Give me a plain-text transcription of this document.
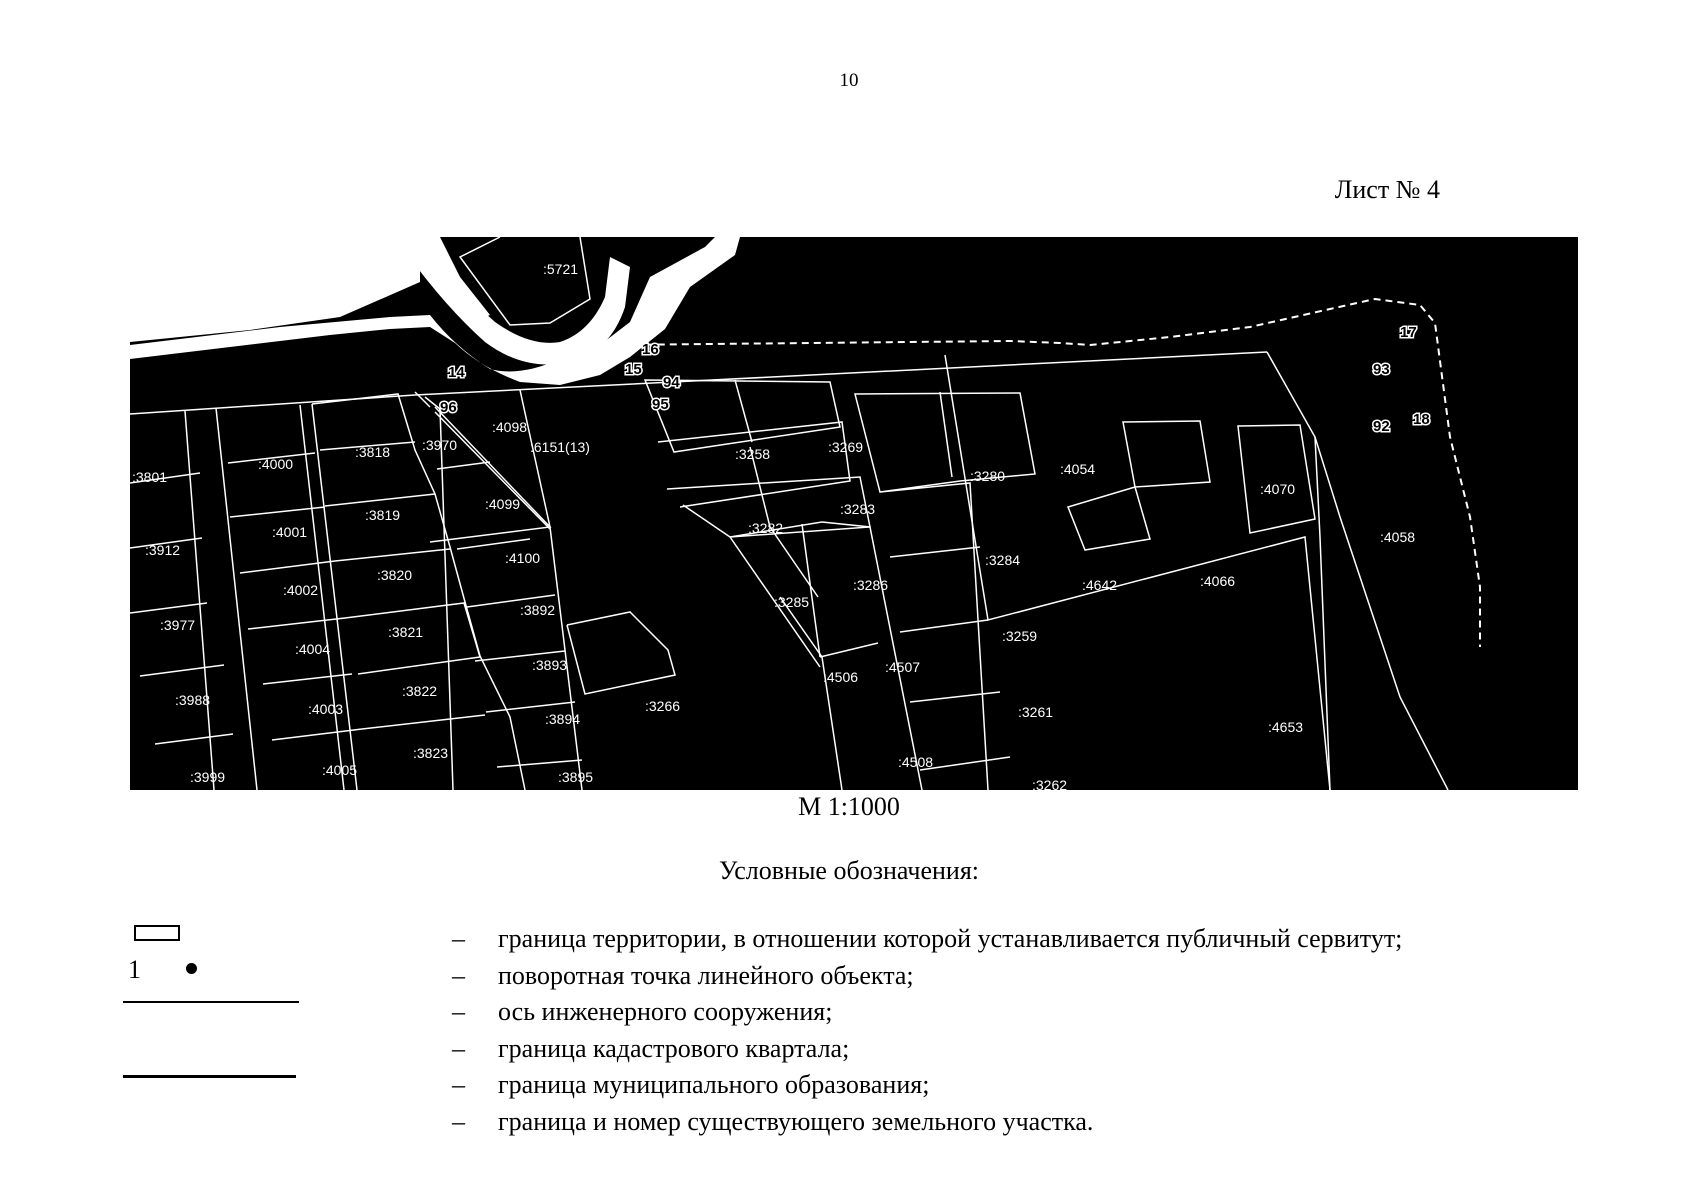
10
Лист № 4
:5721
:4098
:6151(13)
:3970
:3818
:4000
:3801
:3912
:4001
:3819
:4099
:4100
:4002
:3820
:3892
:3977
:4004
:3821
:3893
:3988
:4003
:3822
:3894
:3266
:3999	:4005
:3823
:3895
:3258	:3269
:3282
:3283
:3285
:3286
:4506
:4507
:4508
:3280	:4054
:3284
:3259
:3261
:3262
:4642
:4070
:4066
:4058
:4653
14	15
16
94
95
96
17
93
92 18
М 1:1000
Условные обозначения:
1
– граница территории, в отношении которой устанавливается публичный сервитут;
– поворотная точка линейного объекта;
– ось инженерного сооружения;
– граница кадастрового квартала;
– граница муниципального образования;
– граница и номер существующего земельного участка.
